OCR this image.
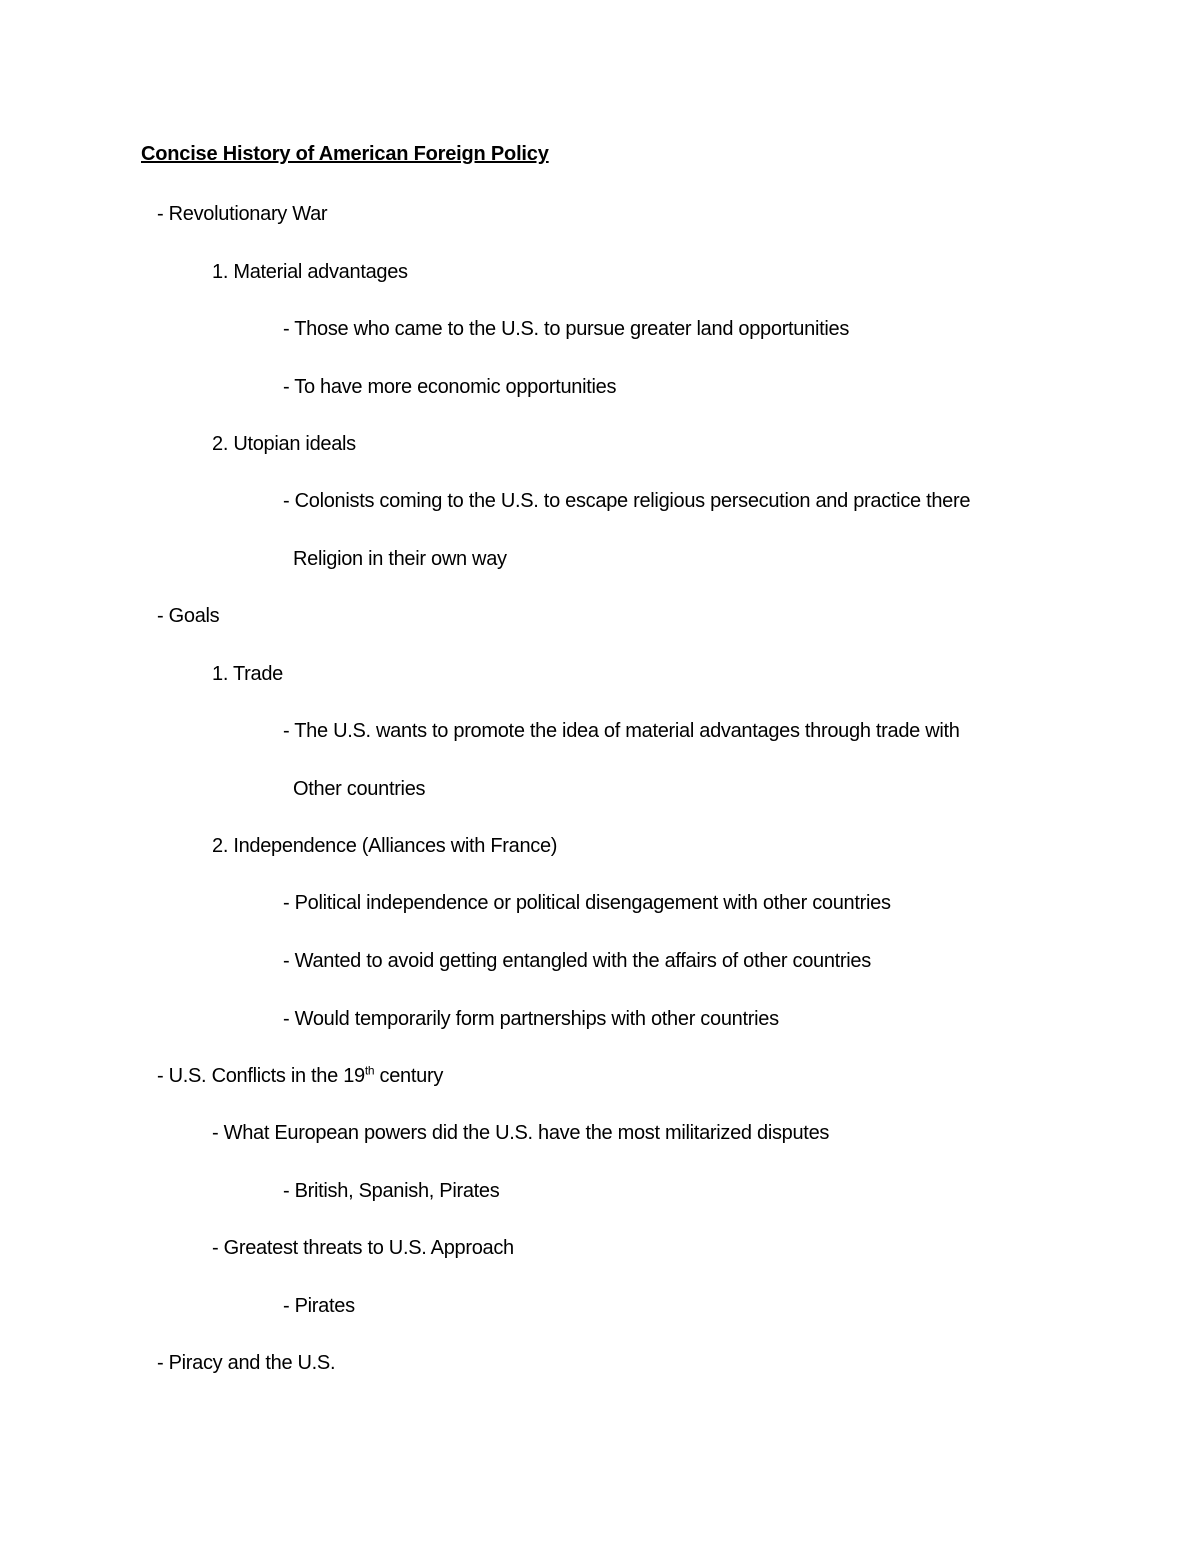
Concise History of American Foreign Policy
- Revolutionary War
1. Material advantages
- Those who came to the U.S. to pursue greater land opportunities
- To have more economic opportunities
2. Utopian ideals
- Colonists coming to the U.S. to escape religious persecution and practice there
Religion in their own way
- Goals
1. Trade
- The U.S. wants to promote the idea of material advantages through trade with
Other countries
2. Independence (Alliances with France)
- Political independence or political disengagement with other countries
- Wanted to avoid getting entangled with the affairs of other countries
- Would temporarily form partnerships with other countries
- U.S. Conflicts in the 19th century
- What European powers did the U.S. have the most militarized disputes
- British, Spanish, Pirates
- Greatest threats to U.S. Approach
- Pirates
- Piracy and the U.S.
